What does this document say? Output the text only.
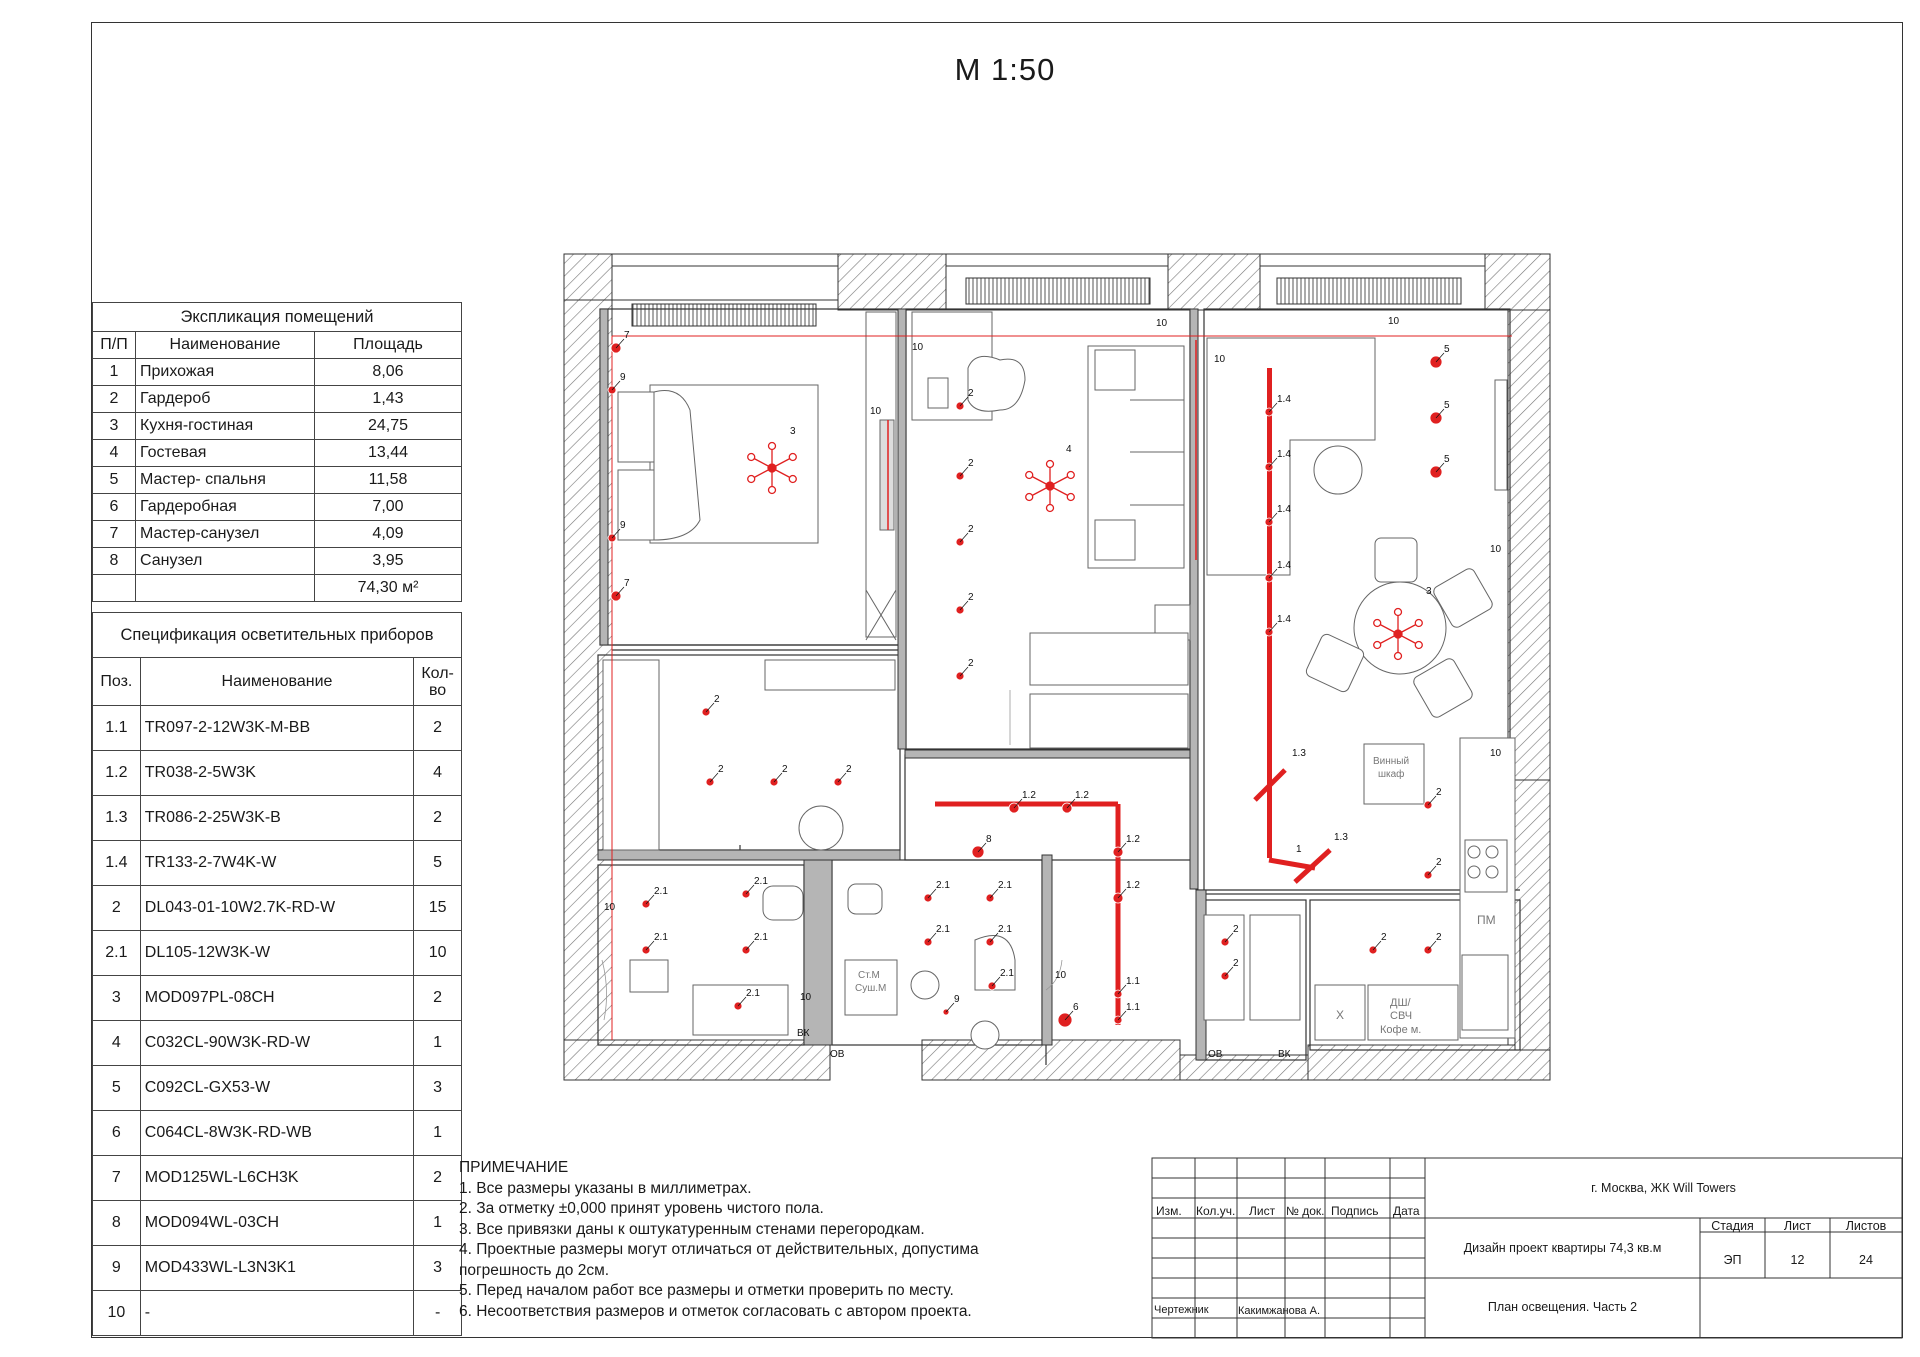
М 1:50
Экспликация помещений		
П/П	Наименование	Площадь
1	Прихожая	8,06
2	Гардероб	1,43
3	Кухня-гостиная	24,75
4	Гостевая	13,44
5	Мастер- спальня	11,58
6	Гардеробная	7,00
7	Мастер-санузел	4,09
8	Санузел	3,95
		74,30 м²
Спецификация осветительных приборов		
Поз.	Наименование	Кол-во
1.1	TR097-2-12W3K-M-BB	2
1.2	TR038-2-5W3K	4
1.3	TR086-2-25W3K-B	2
1.4	TR133-2-7W4K-W	5
2	DL043-01-10W2.7K-RD-W	15
2.1	DL105-12W3K-W	10
3	MOD097PL-08CH	2
4	C032CL-90W3K-RD-W	1
5	C092CL-GX53-W	3
6	C064CL-8W3K-RD-WB	1
7	MOD125WL-L6CH3K	2
8	MOD094WL-03CH	1
9	MOD433WL-L3N3K1	3
10	-	-
ПРИМЕЧАНИЕ
1. Все размеры указаны в миллиметрах.
2. За отметку ±0,000 принят уровень чистого пола.
3. Все привязки даны к оштукатуренным стенами перегородкам.
4. Проектные размеры могут отличаться от действительных, допустима
погрешность до 2см.
5. Перед началом работ все размеры и отметки проверить по месту.
6. Несоответствия размеров и отметок согласовать с автором проекта.
Изм. Кол.уч. Лист № док. Подпись Дата
Чертежник	Какимжанова А.
г. Москва, ЖК Will Towers
Дизайн проект квартиры 74,3 кв.м
План освещения. Часть 2
Стадия	Лист	Листов
ЭП	12	24
7
7
9
9
2
2
2
2
2
2
2	2	2
5
5
5
2
2
2
2
2
2
2.1
2.1
2.1
2.1
2.1
2.1	2.1
2.1	2.1
2.1
6
8
9
1.2	1.2
1.2
1.2
1.1
1.1
1.4
1.4
1.4
1.4
1.4
10
10
10
10
10
10
10
10
10
10
1.3
1.3
1
3
4
3
Винный
шкаф
Х
ДШ/
СВЧ
Кофе м.
ПМ
Ст.М
Суш.М
ОВ	ОВ
ВК
ВК
